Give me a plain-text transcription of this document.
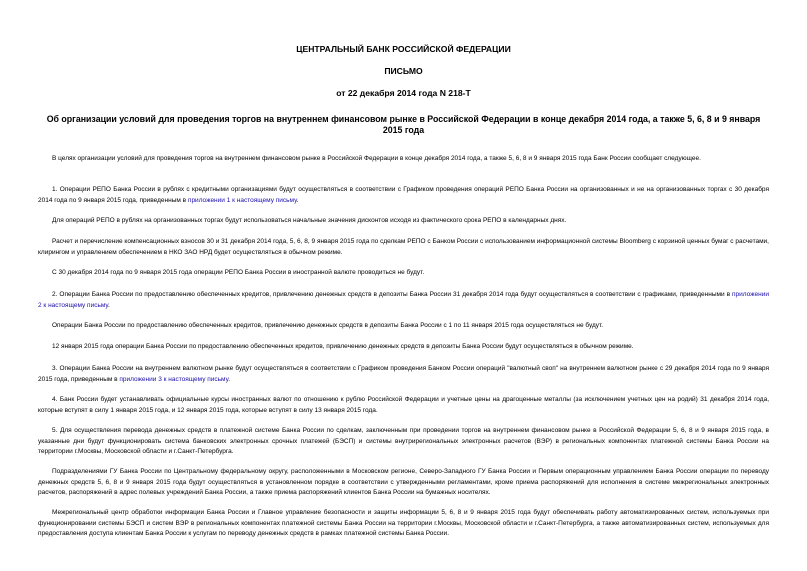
ЦЕНТРАЛЬНЫЙ БАНК РОССИЙСКОЙ ФЕДЕРАЦИИ
ПИСЬМО
от 22 декабря 2014 года N 218-Т
Об организации условий для проведения торгов на внутреннем финансовом рынке в Российской Федерации в конце декабря 2014 года, а также 5, 6, 8 и 9 января 2015 года
В целях организации условий для проведения торгов на внутреннем финансовом рынке в Российской Федерации в конце декабря 2014 года, а также 5, 6, 8 и 9 января 2015 года Банк России сообщает следующее.
1. Операции РЕПО Банка России в рублях с кредитными организациями будут осуществляться в соответствии с Графиком проведения операций РЕПО Банка России на организованных и не на организованных торгах с 30 декабря 2014 года по 9 января 2015 года, приведенным в приложении 1 к настоящему письму.
Для операций РЕПО в рублях на организованных торгах будут использоваться начальные значения дисконтов исходя из фактического срока РЕПО в календарных днях.
Расчет и перечисление компенсационных взносов 30 и 31 декабря 2014 года, 5, 6, 8, 9 января 2015 года по сделкам РЕПО с Банком России с использованием информационной системы Bloomberg с корзиной ценных бумаг с расчетами, клирингом и управлением обеспечением в НКО ЗАО НРД будет осуществляться в обычном режиме.
С 30 декабря 2014 года по 9 января 2015 года операции РЕПО Банка России в иностранной валюте проводиться не будут.
2. Операции Банка России по предоставлению обеспеченных кредитов, привлечению денежных средств в депозиты Банка России 31 декабря 2014 года будут осуществляться в соответствии с графиками, приведенными в приложении 2 к настоящему письму.
Операции Банка России по предоставлению обеспеченных кредитов, привлечению денежных средств в депозиты Банка России с 1 по 11 января 2015 года осуществляться не будут.
12 января 2015 года операции Банка России по предоставлению обеспеченных кредитов, привлечению денежных средств в депозиты Банка России будут осуществляться в обычном режиме.
3. Операции Банка России на внутреннем валютном рынке будут осуществляться в соответствии с Графиком проведения Банком России операций "валютный своп" на внутреннем валютном рынке с 29 декабря 2014 года по 9 января 2015 года, приведенным в приложении 3 к настоящему письму.
4. Банк России будет устанавливать официальные курсы иностранных валют по отношению к рублю Российской Федерации и учетные цены на драгоценные металлы (за исключением учетных цен на родий) 31 декабря 2014 года, которые вступят в силу 1 января 2015 года, и 12 января 2015 года, которые вступят в силу 13 января 2015 года.
5. Для осуществления перевода денежных средств в платежной системе Банка России по сделкам, заключенным при проведении торгов на внутреннем финансовом рынке в Российской Федерации 5, 6, 8 и 9 января 2015 года, в указанные дни будут функционировать система банковских электронных срочных платежей (БЭСП) и системы внутрирегиональных электронных расчетов (ВЭР) в региональных компонентах платежной системы Банка России на территории г.Москвы, Московской области и г.Санкт-Петербурга.
Подразделениями ГУ Банка России по Центральному федеральному округу, расположенными в Московском регионе, Северо-Западного ГУ Банка России и Первым операционным управлением Банка России операции по переводу денежных средств 5, 6, 8 и 9 января 2015 года будут осуществляться в установленном порядке в соответствии с утвержденными регламентами, кроме приема распоряжений для исполнения в системе межрегиональных электронных расчетов, распоряжений в адрес полевых учреждений Банка России, а также приема распоряжений клиентов Банка России на бумажных носителях.
Межрегиональный центр обработки информации Банка России и Главное управление безопасности и защиты информации 5, 6, 8 и 9 января 2015 года будут обеспечивать работу автоматизированных систем, используемых при функционировании системы БЭСП и систем ВЭР в региональных компонентах платежной системы Банка России на территории г.Москвы, Московской области и г.Санкт-Петербурга, а также автоматизированных систем, используемых для предоставления доступа клиентам Банка России к услугам по переводу денежных средств в рамках платежной системы Банка России.
